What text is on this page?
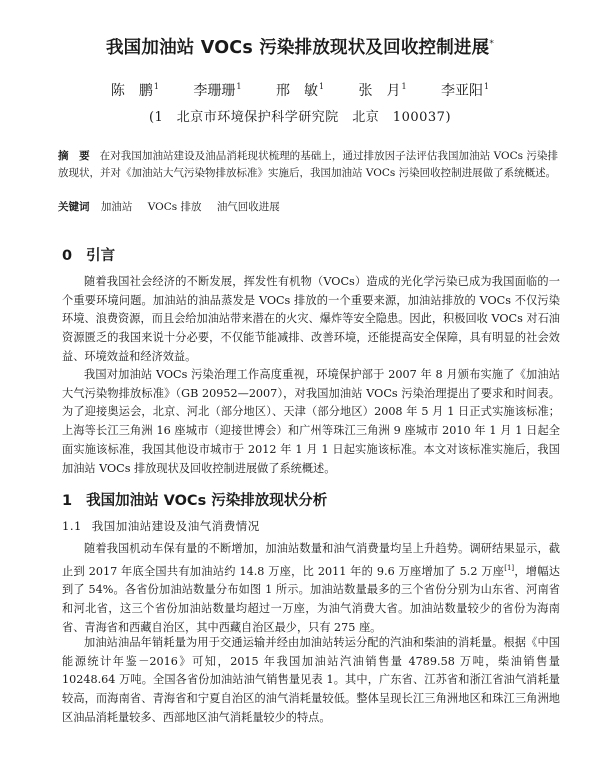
我国加油站 VOCs 污染排放现状及回收控制进展*
陈　鹏$^1$ 李珊珊$^1$ 邢　敏$^1$ 张　月$^1$ 李亚阳$^1$
(1　北京市环境保护科学研究院　北京　100037)
摘　要 在对我国加油站建设及油品消耗现状梳理的基础上，通过排放因子法评估我国加油站 VOCs 污染排放现状，并对《加油站大气污染物排放标准》实施后，我国加油站 VOCs 污染回收控制进展做了系统概述。
关键词 加油站 VOCs 排放 油气回收进展
0 引言
随着我国社会经济的不断发展，挥发性有机物（VOCs）造成的光化学污染已成为我国面临的一个重要环境问题。加油站的油品蒸发是 VOCs 排放的一个重要来源，加油站排放的 VOCs 不仅污染环境、浪费资源，而且会给加油站带来潜在的火灾、爆炸等安全隐患。因此，积极回收 VOCs 对石油资源匮乏的我国来说十分必要，不仅能节能减排、改善环境，还能提高安全保障，具有明显的社会效益、环境效益和经济效益。
我国对加油站 VOCs 污染治理工作高度重视，环境保护部于 2007 年 8 月颁布实施了《加油站大气污染物排放标准》（GB 20952—2007），对我国加油站 VOCs 污染治理提出了要求和时间表。为了迎接奥运会，北京、河北（部分地区）、天津（部分地区）2008 年 5 月 1 日正式实施该标准；上海等长江三角洲 16 座城市（迎接世博会）和广州等珠江三角洲 9 座城市 2010 年 1 月 1 日起全面实施该标准，我国其他设市城市于 2012 年 1 月 1 日起实施该标准。本文对该标准实施后，我国加油站 VOCs 排放现状及回收控制进展做了系统概述。
1 我国加油站 VOCs 污染排放现状分析
1.1 我国加油站建设及油气消费情况
随着我国机动车保有量的不断增加，加油站数量和油气消费量均呈上升趋势。调研结果显示，截止到 2017 年底全国共有加油站约 14.8 万座，比 2011 年的 9.6 万座增加了 5.2 万座[1]，增幅达到了 54%。各省份加油站数量分布如图 1 所示。加油站数量最多的三个省份分别为山东省、河南省和河北省，这三个省份加油站数量均超过一万座，为油气消费大省。加油站数量较少的省份为海南省、青海省和西藏自治区，其中西藏自治区最少，只有 275 座。
加油站油品年销耗量为用于交通运输并经由加油站转运分配的汽油和柴油的消耗量。根据《中国能源统计年鉴－2016》可知，2015 年我国加油站汽油销售量 4789.58 万吨，柴油销售量 10248.64 万吨。全国各省份加油站油气销售量见表 1。其中，广东省、江苏省和浙江省油气消耗量较高，而海南省、青海省和宁夏自治区的油气消耗量较低。整体呈现长江三角洲地区和珠江三角洲地区油品消耗量较多、西部地区油气消耗量较少的特点。
